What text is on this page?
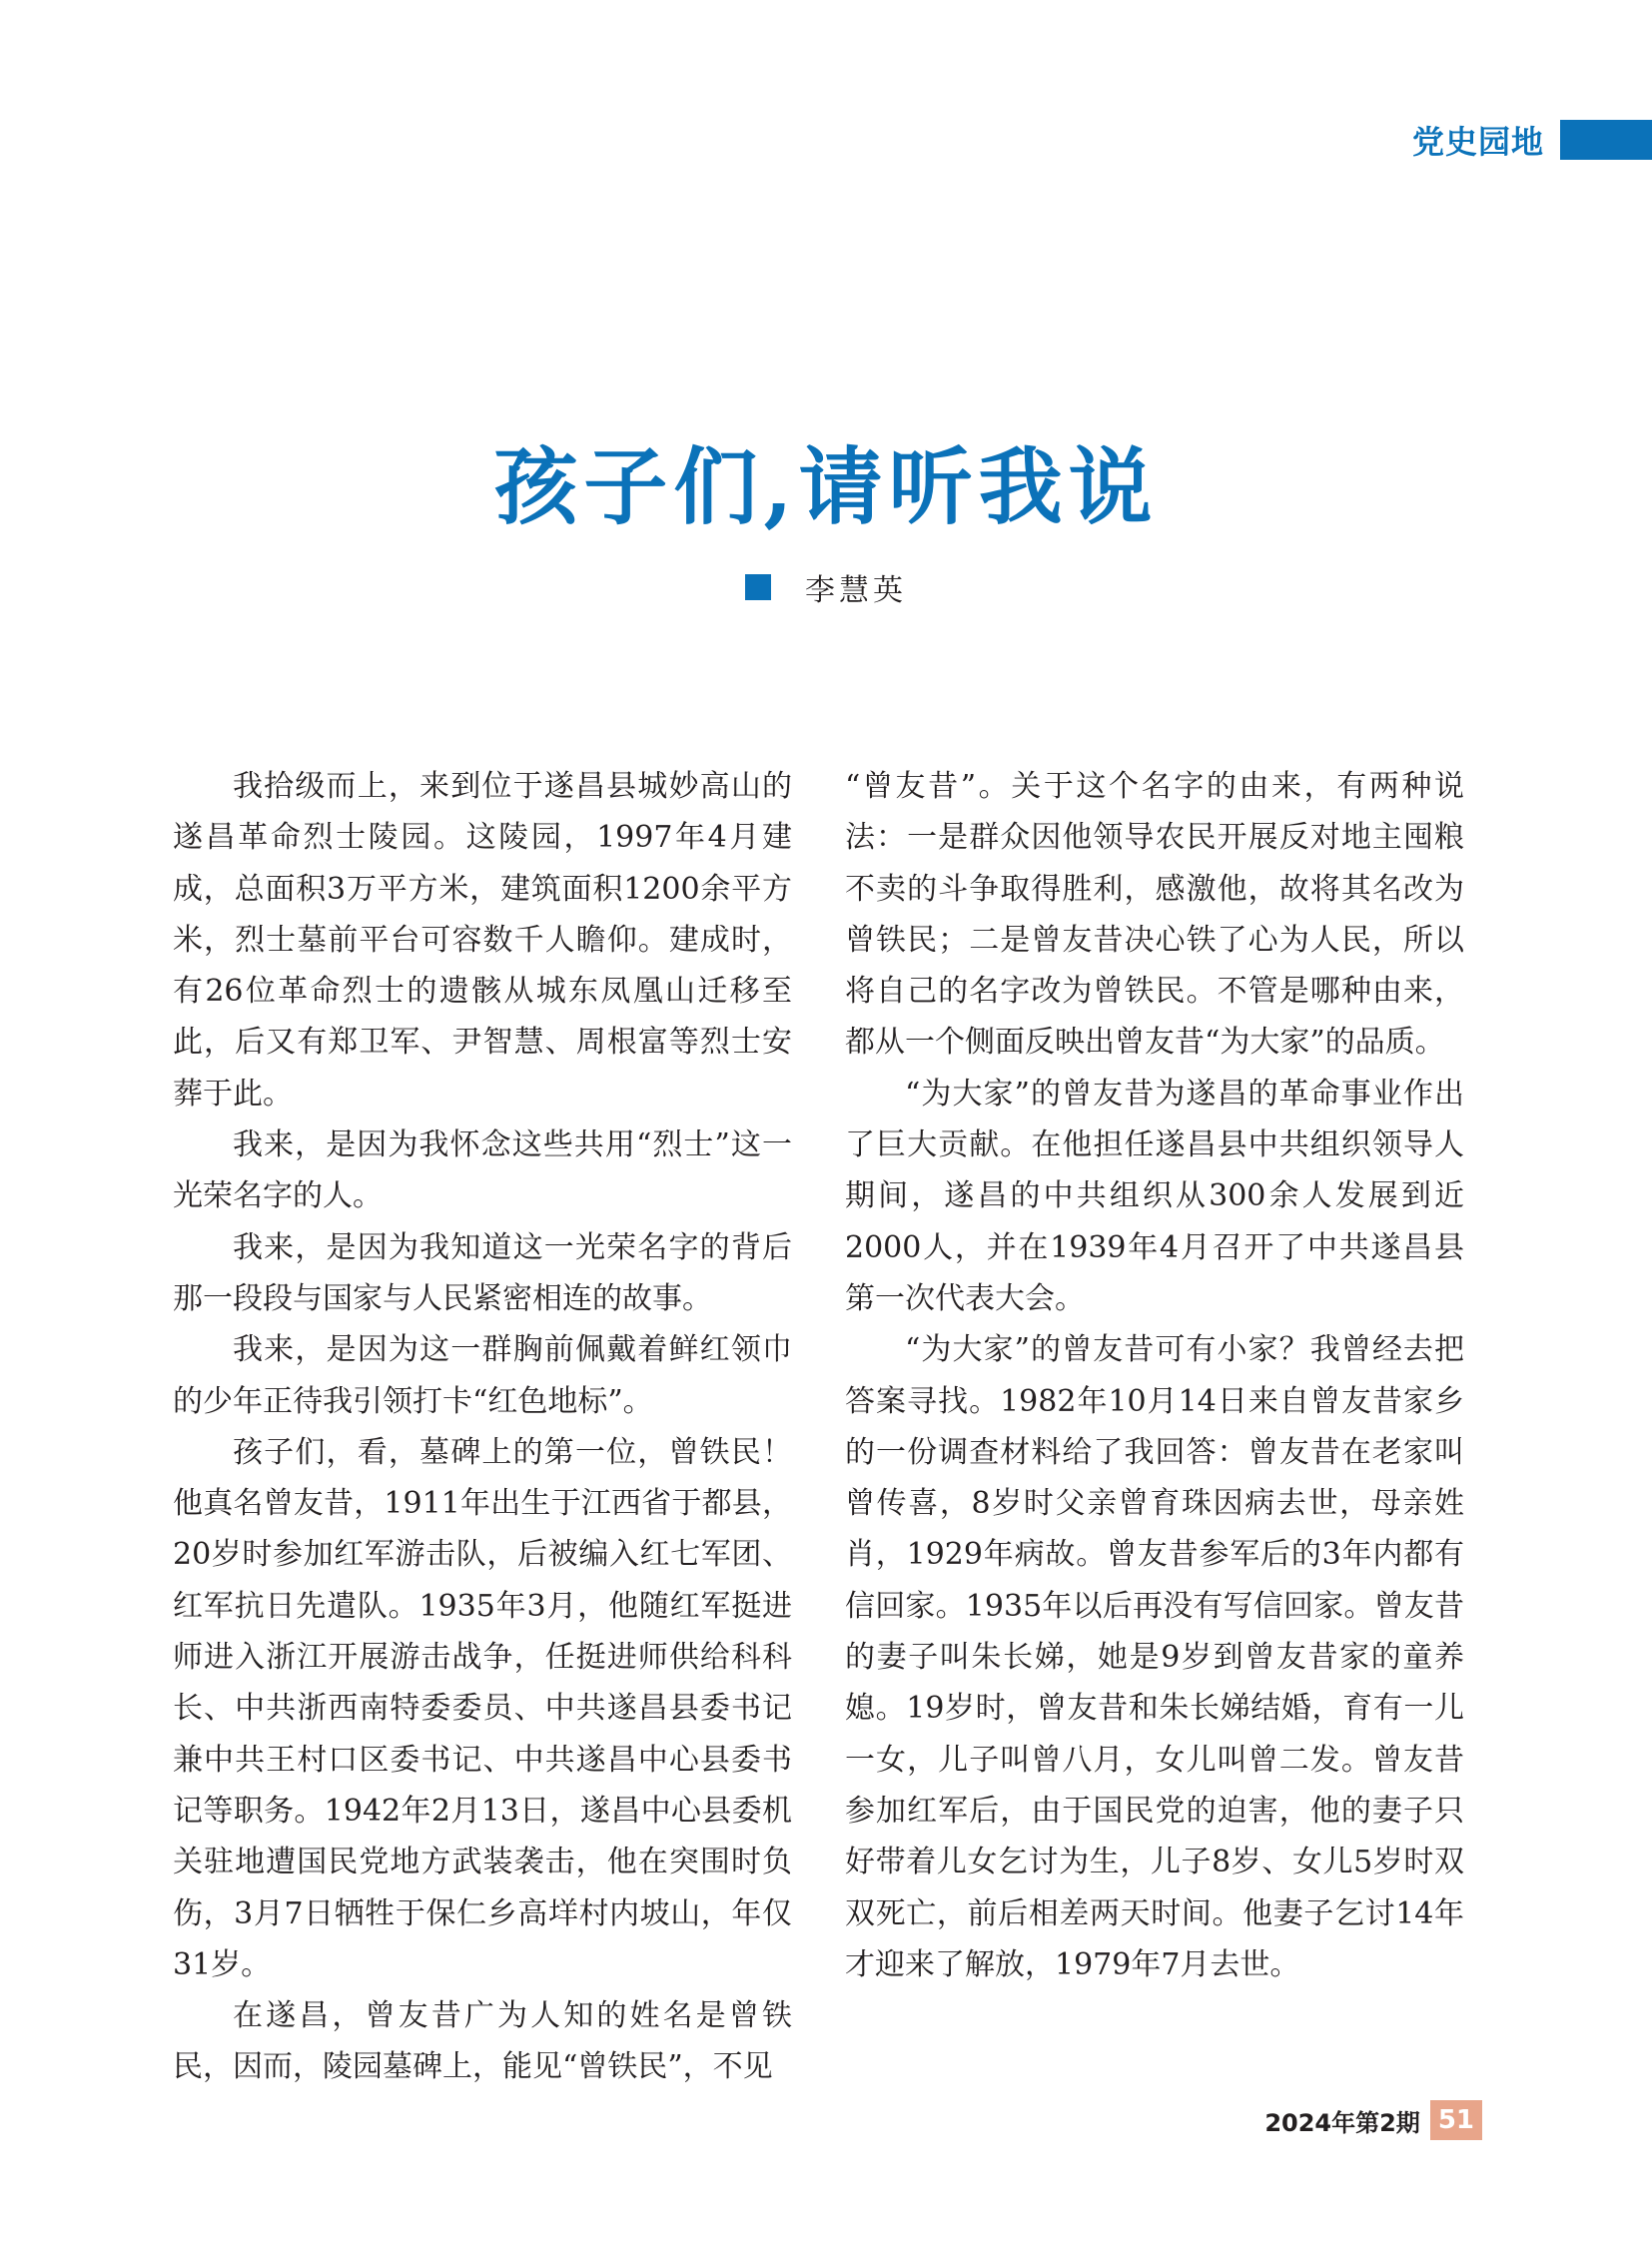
党史园地
孩子们,请听我说
李慧英

我拾级而上，来到位于遂昌县城妙高山的遂昌革命烈士陵园。这陵园，1997年4月建成，总面积3万平方米，建筑面积1200余平方米，烈士墓前平台可容数千人瞻仰。建成时，有26位革命烈士的遗骸从城东凤凰山迁移至此，后又有郑卫军、尹智慧、周根富等烈士安葬于此。

我来，是因为我怀念这些共用“烈士”这一光荣名字的人。

我来，是因为我知道这一光荣名字的背后那一段段与国家与人民紧密相连的故事。

我来，是因为这一群胸前佩戴着鲜红领巾的少年正待我引领打卡“红色地标”。

孩子们，看，墓碑上的第一位，曾铁民！他真名曾友昔，1911年出生于江西省于都县，20岁时参加红军游击队，后被编入红七军团、红军抗日先遣队。1935年3月，他随红军挺进师进入浙江开展游击战争，任挺进师供给科科长、中共浙西南特委委员、中共遂昌县委书记兼中共王村口区委书记、中共遂昌中心县委书记等职务。1942年2月13日，遂昌中心县委机关驻地遭国民党地方武装袭击，他在突围时负伤，3月7日牺牲于保仁乡高垟村内坡山，年仅31岁。

在遂昌，曾友昔广为人知的姓名是曾铁民，因而，陵园墓碑上，能见“曾铁民”，不见

“曾友昔”。关于这个名字的由来，有两种说法：一是群众因他领导农民开展反对地主囤粮不卖的斗争取得胜利，感激他，故将其名改为曾铁民；二是曾友昔决心铁了心为人民，所以将自己的名字改为曾铁民。不管是哪种由来，都从一个侧面反映出曾友昔“为大家”的品质。

“为大家”的曾友昔为遂昌的革命事业作出了巨大贡献。在他担任遂昌县中共组织领导人期间，遂昌的中共组织从300余人发展到近2000人，并在1939年4月召开了中共遂昌县第一次代表大会。

“为大家”的曾友昔可有小家？我曾经去把答案寻找。1982年10月14日来自曾友昔家乡的一份调查材料给了我回答：曾友昔在老家叫曾传喜，8岁时父亲曾育珠因病去世，母亲姓肖，1929年病故。曾友昔参军后的3年内都有信回家。1935年以后再没有写信回家。曾友昔的妻子叫朱长娣，她是9岁到曾友昔家的童养媳。19岁时，曾友昔和朱长娣结婚，育有一儿一女，儿子叫曾八月，女儿叫曾二发。曾友昔参加红军后，由于国民党的迫害，他的妻子只好带着儿女乞讨为生，儿子8岁、女儿5岁时双双死亡，前后相差两天时间。他妻子乞讨14年才迎来了解放，1979年7月去世。

2024年第2期 51
